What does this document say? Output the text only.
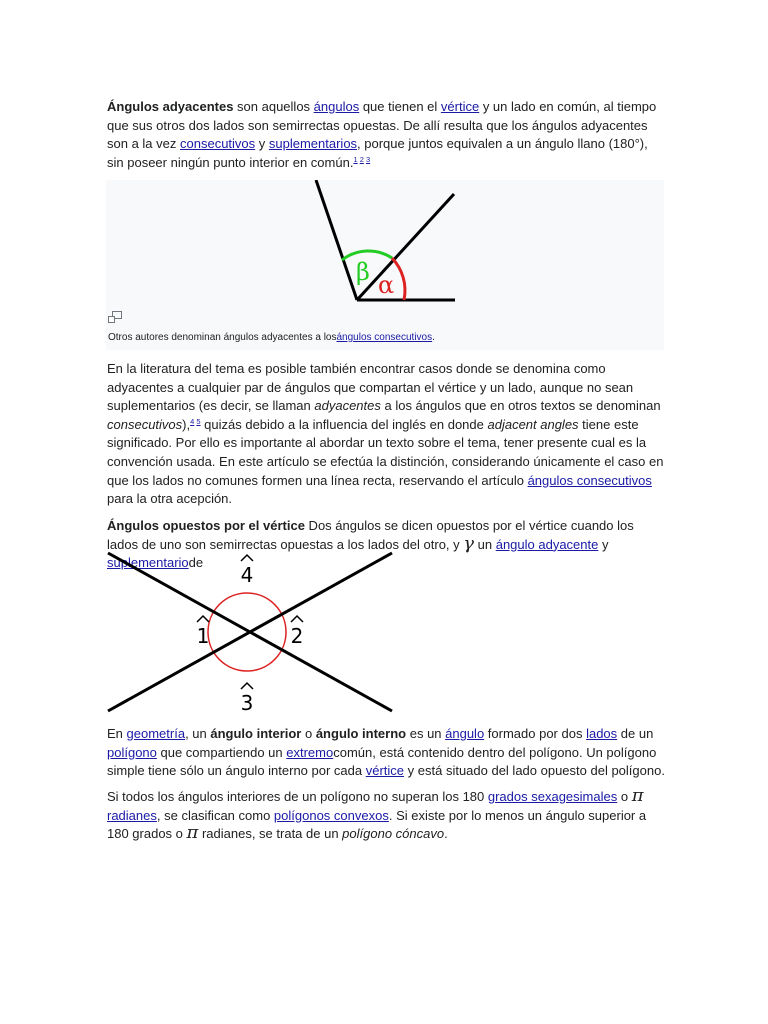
Ángulos adyacentes son aquellos ángulos que tienen el vértice y un lado en común, al tiempo que sus otros dos lados son semirrectas opuestas. De allí resulta que los ángulos adyacentes son a la vez consecutivos y suplementarios, porque juntos equivalen a un ángulo llano (180°), sin poseer ningún punto interior en común.$^{1 2 3}$

β α
Otros autores denominan ángulos adyacentes a losángulos consecutivos.

En la literatura del tema es posible también encontrar casos donde se denomina como adyacentes a cualquier par de ángulos que compartan el vértice y un lado, aunque no sean suplementarios (es decir, se llaman adyacentes a los ángulos que en otros textos se denominan consecutivos),$^{4 5}$ quizás debido a la influencia del inglés en donde adjacent angles tiene este significado. Por ello es importante al abordar un texto sobre el tema, tener presente cual es la convención usada. En este artículo se efectúa la distinción, considerando únicamente el caso en que los lados no comunes formen una línea recta, reservando el artículo ángulos consecutivos para la otra acepción.

Ángulos opuestos por el vértice Dos ángulos se dicen opuestos por el vértice cuando los lados de uno son semirrectas opuestas a los lados del otro, y γ un ángulo adyacente y suplementariode

4
1	2
3

En geometría, un ángulo interior o ángulo interno es un ángulo formado por dos lados de un polígono que compartiendo un extremocomún, está contenido dentro del polígono. Un polígono simple tiene sólo un ángulo interno por cada vértice y está situado del lado opuesto del polígono.

Si todos los ángulos interiores de un polígono no superan los 180 grados sexagesimales o π radianes, se clasifican como polígonos convexos. Si existe por lo menos un ángulo superior a 180 grados o π radianes, se trata de un polígono cóncavo.
